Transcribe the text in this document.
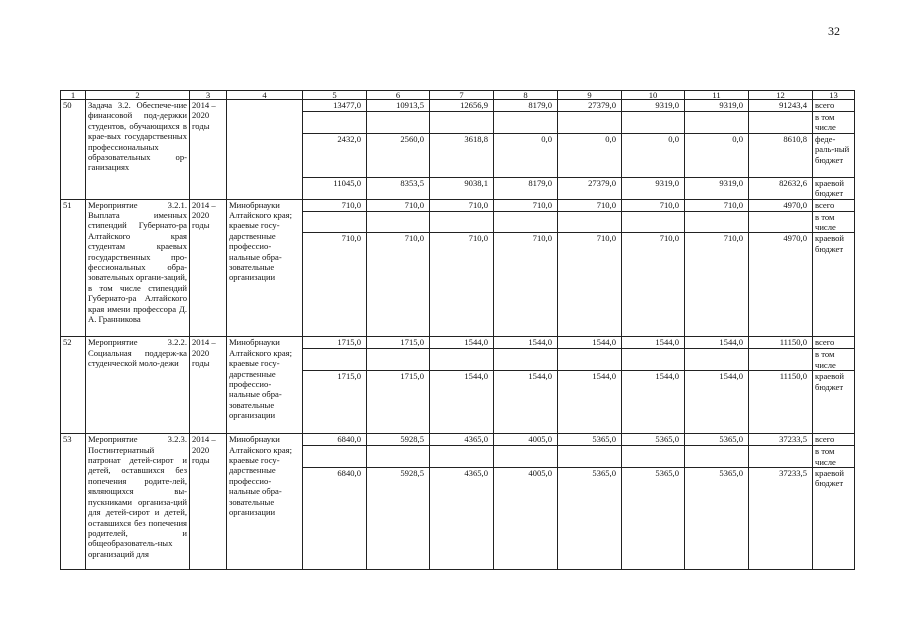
32
1	2	3	4	5	6	7	8	9	10	11	12	13
50	Задача 3.2. Обеспече-ние финансовой под-держки студентов, обучающихся в крае-вых государственных профессиональных образовательных ор-ганизациях	2014 – 2020 годы		13477,0	10913,5	12656,9	8179,0	27379,0	9319,0	9319,0	91243,4	всего
												в том числе
				2432,0	2560,0	3618,8	0,0	0,0	0,0	0,0	8610,8	феде-раль-ный бюджет
				11045,0	8353,5	9038,1	8179,0	27379,0	9319,0	9319,0	82632,6	краевой бюджет
51	Мероприятие 3.2.1. Выплата именных стипендий Губернато-ра Алтайского края студентам краевых государственных про-фессиональных обра-зовательных органи-заций, в том числе стипендий Губернато-ра Алтайского края имени профессора Д. А. Гранникова	2014 – 2020 годы	Минобрнауки Алтайского края; краевые госу-дарственные профессио-нальные обра-зовательные организации	710,0	710,0	710,0	710,0	710,0	710,0	710,0	4970,0	всего
												в том числе
				710,0	710,0	710,0	710,0	710,0	710,0	710,0	4970,0	краевой бюджет
52	Мероприятие 3.2.2. Социальная поддерж-ка студенческой моло-дежи	2014 – 2020 годы	Минобрнауки Алтайского края; краевые госу-дарственные профессио-нальные обра-зовательные организации	1715,0	1715,0	1544,0	1544,0	1544,0	1544,0	1544,0	11150,0	всего
												в том числе
				1715,0	1715,0	1544,0	1544,0	1544,0	1544,0	1544,0	11150,0	краевой бюджет
53	Мероприятие 3.2.3. Постинтернатный патронат детей-сирот и детей, оставшихся без попечения родите-лей, являющихся вы-пускниками организа-ций для детей-сирот и детей, оставшихся без попечения родителей, и общеобразователь-ных организаций для	2014 – 2020 годы	Минобрнауки Алтайского края; краевые госу-дарственные профессио-нальные обра-зовательные организации	6840,0	5928,5	4365,0	4005,0	5365,0	5365,0	5365,0	37233,5	всего
												в том числе
				6840,0	5928,5	4365,0	4005,0	5365,0	5365,0	5365,0	37233,5	краевой бюджет
